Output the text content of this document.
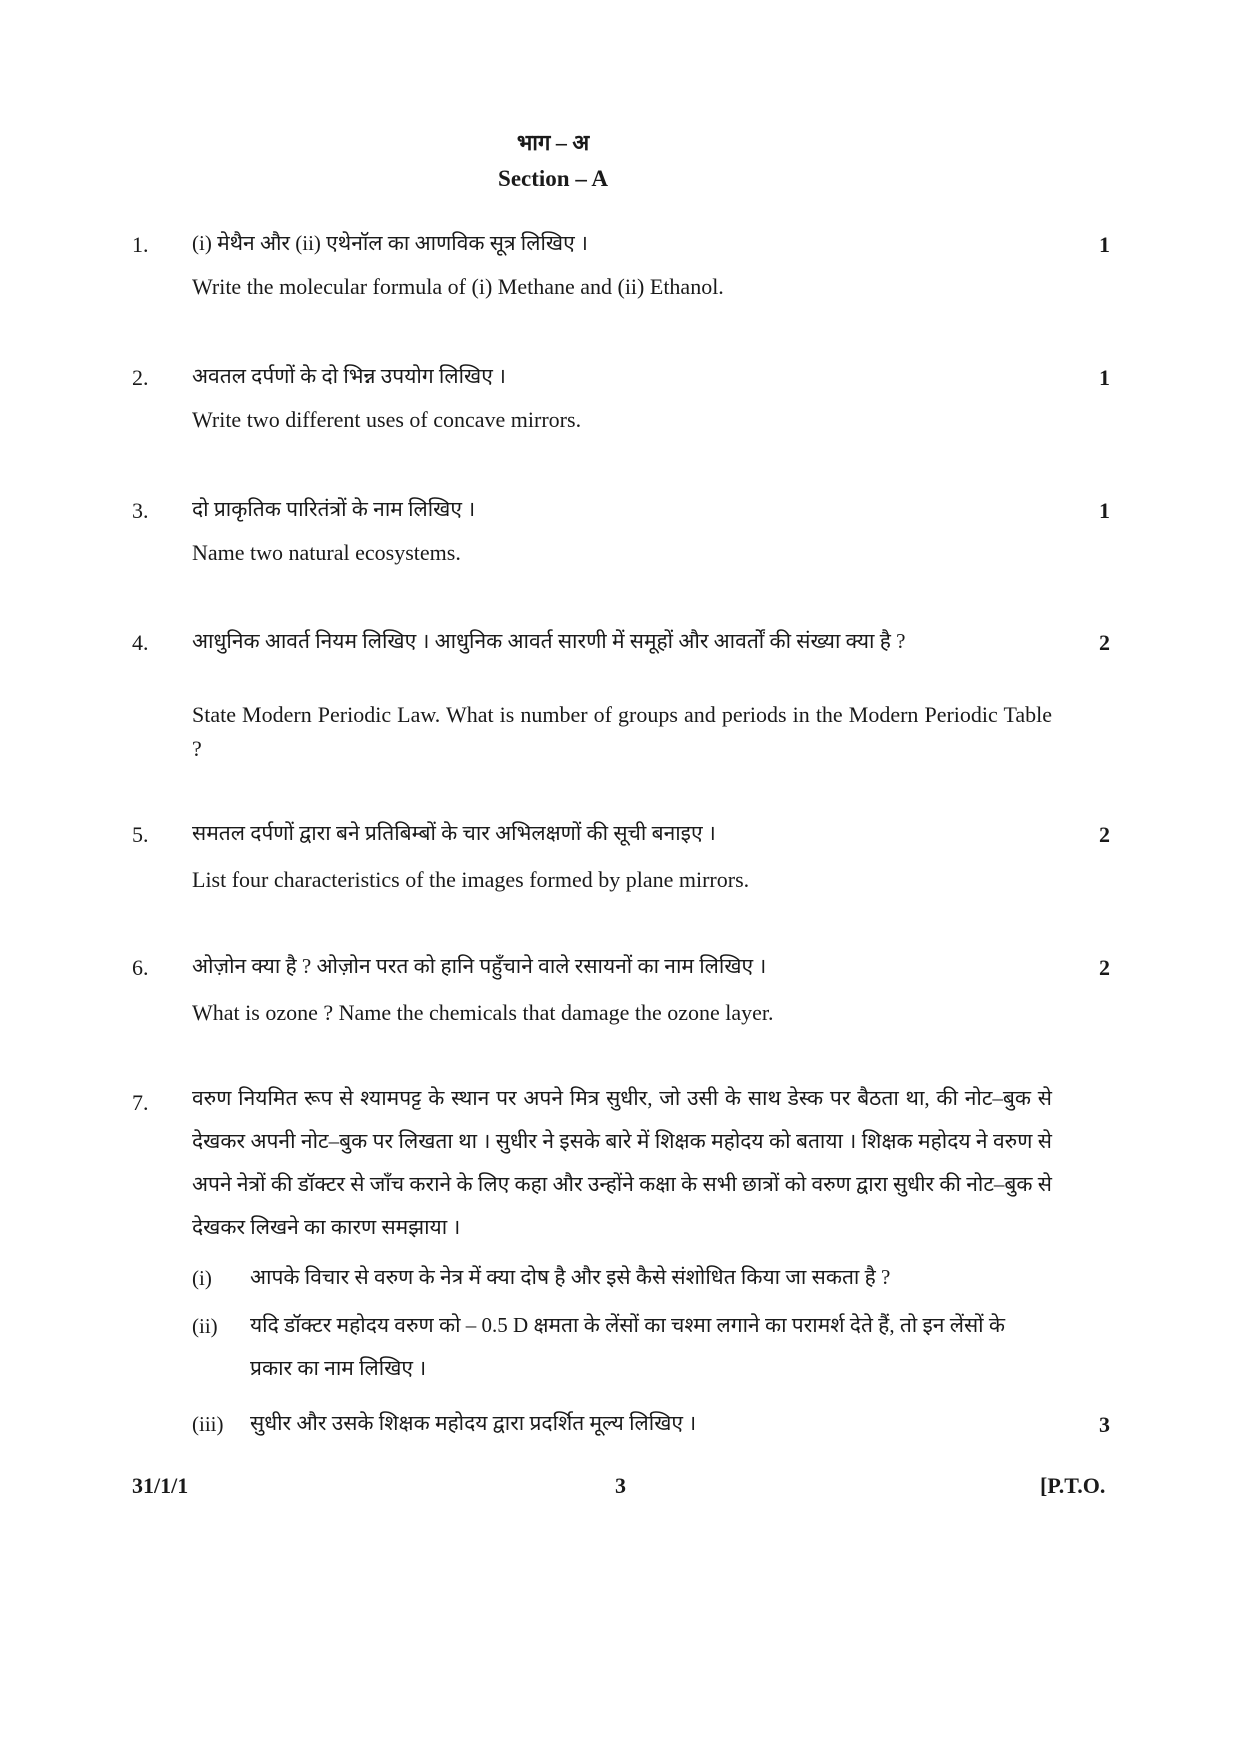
भाग – अ
Section – A
1. (i) मेथैन और (ii) एथेनॉल का आणविक सूत्र लिखिए ।	1
Write the molecular formula of (i) Methane and (ii) Ethanol.
2. अवतल दर्पणों के दो भिन्न उपयोग लिखिए ।	1
Write two different uses of concave mirrors.
3. दो प्राकृतिक पारितंत्रों के नाम लिखिए ।	1
Name two natural ecosystems.
4. आधुनिक आवर्त नियम लिखिए । आधुनिक आवर्त सारणी में समूहों और आवर्तों की संख्या क्या है ?	2
State Modern Periodic Law. What is number of groups and periods in the Modern Periodic Table ?
5. समतल दर्पणों द्वारा बने प्रतिबिम्बों के चार अभिलक्षणों की सूची बनाइए ।	2
List four characteristics of the images formed by plane mirrors.
6. ओज़ोन क्या है ? ओज़ोन परत को हानि पहुँचाने वाले रसायनों का नाम लिखिए ।	2
What is ozone ? Name the chemicals that damage the ozone layer.
7. वरुण नियमित रूप से श्यामपट्ट के स्थान पर अपने मित्र सुधीर, जो उसी के साथ डेस्क पर बैठता था, की नोट–बुक से देखकर अपनी नोट–बुक पर लिखता था । सुधीर ने इसके बारे में शिक्षक महोदय को बताया । शिक्षक महोदय ने वरुण से अपने नेत्रों की डॉक्टर से जाँच कराने के लिए कहा और उन्होंने कक्षा के सभी छात्रों को वरुण द्वारा सुधीर की नोट–बुक से देखकर लिखने का कारण समझाया ।
(i) आपके विचार से वरुण के नेत्र में क्या दोष है और इसे कैसे संशोधित किया जा सकता है ?
(ii) यदि डॉक्टर महोदय वरुण को – 0.5 D क्षमता के लेंसों का चश्मा लगाने का परामर्श देते हैं, तो इन लेंसों के प्रकार का नाम लिखिए ।
(iii) सुधीर और उसके शिक्षक महोदय द्वारा प्रदर्शित मूल्य लिखिए ।	3
31/1/1	3	[P.T.O.
